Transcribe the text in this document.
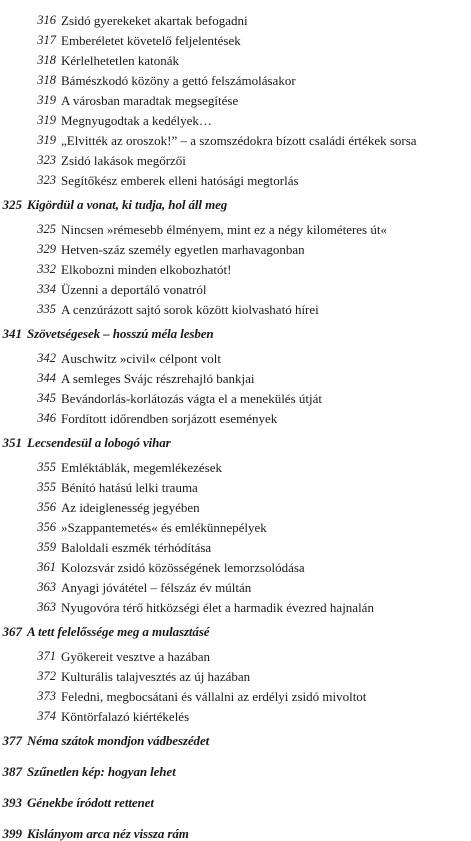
316 Zsidó gyerekeket akartak befogadni
317 Emberéletet követelő feljelentések
318 Kérlelhetetlen katonák
318 Bámészkodó közöny a gettó felszámolásakor
319 A városban maradtak megsegítése
319 Megnyugodtak a kedélyek…
319 „Elvitték az oroszok!” – a szomszédokra bízott családi értékek sorsa
323 Zsidó lakások megőrzői
323 Segítőkész emberek elleni hatósági megtorlás
325 Kigördül a vonat, ki tudja, hol áll meg
325 Nincsen »rémesebb élményem, mint ez a négy kilométeres út«
329 Hetven-száz személy egyetlen marhavagonban
332 Elkobozni minden elkobozhatót!
334 Üzenni a deportáló vonatról
335 A cenzúrázott sajtó sorok között kiolvasható hírei
341 Szövetségesek – hosszú méla lesben
342 Auschwitz »civil« célpont volt
344 A semleges Svájc részrehajló bankjai
345 Bevándorlás-korlátozás vágta el a menekülés útját
346 Fordított időrendben sorjázott események
351 Lecsendesül a lobogó vihar
355 Emléktáblák, megemlékezések
355 Bénító hatású lelki trauma
356 Az ideiglenesség jegyében
356 »Szappantemetés« és emlékünnepélyek
359 Baloldali eszmék térhódítása
361 Kolozsvár zsidó közösségének lemorzsolódása
363 Anyagi jóvátétel – félszáz év múltán
363 Nyugovóra térő hitközségi élet a harmadik évezred hajnalán
367 A tett felelőssége meg a mulasztásé
371 Gyökereit vesztve a hazában
372 Kulturális talajvesztés az új hazában
373 Feledni, megbocsátani és vállalni az erdélyi zsidó mivoltot
374 Köntörfalazó kiértékelés
377 Néma szátok mondjon vádbeszédet
387 Szűnetlen kép: hogyan lehet
393 Génekbe íródott rettenet
399 Kislányom arca néz vissza rám
